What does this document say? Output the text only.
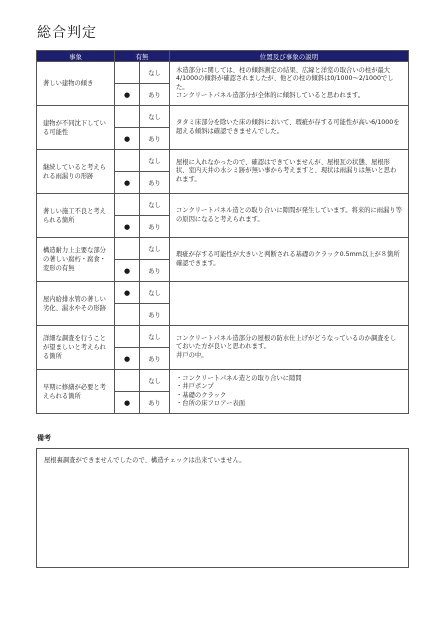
総合判定
事象	有無		位置及び事象の説明
著しい建物の傾き		なし	木造部分に関しては、柱の傾斜測定の結果、広縁と洋室の取合いの柱が最大4/1000の傾斜が確認されましたが、他どの柱の傾斜は0/1000〜2/1000でした。
コンクリートパネル造部分が全体的に傾斜していると思われます。

	●	あり	
建物が不同沈下している可能性		なし	タタミ床部分を除いた床の傾斜において、瑕疵が存する可能性が高い6/1000を超える傾斜は確認できませんでした。

	●	あり	
継続していると考えられる雨漏りの形跡		なし	屋根に入れなかったので、確認はできていませんが、屋根瓦の状態、屋根形状、室内天井の水シミ跡が無い事から考えますと、現状は雨漏りは無いと思われます。

	●	あり	
著しい施工不良と考えられる箇所		なし	コンクリートパネル造との取り合いに隙間が発生しています。将来的に雨漏り等の原因になると考えられます。

	●	あり	
構造耐力上主要な部分の著しい腐朽・腐食・変形の有無		なし	瑕疵が存する可能性が大きいと判断される基礎のクラック0.5mm以上が８箇所確認できます。

	●	あり	
屋内給排水管の著しい劣化、漏水やその形跡	●	なし	
		あり	
詳細な調査を行うことが望ましいと考えられる箇所		なし	コンクリートパネル造部分の屋根の防水仕上げがどうなっているのか調査をしておいた方が良いと思われます。
井戸の中。

	●	あり	
早期に修繕が必要と考えられる箇所		なし	・ コンクリートパネル造との取り合いに隙間
・ 井戸ポンプ
・ 基礎のクラック
・ 台所の床フロアー表面

	●	あり	
備考
屋根裏調査ができませんでしたので、構造チェックは出来ていません。
